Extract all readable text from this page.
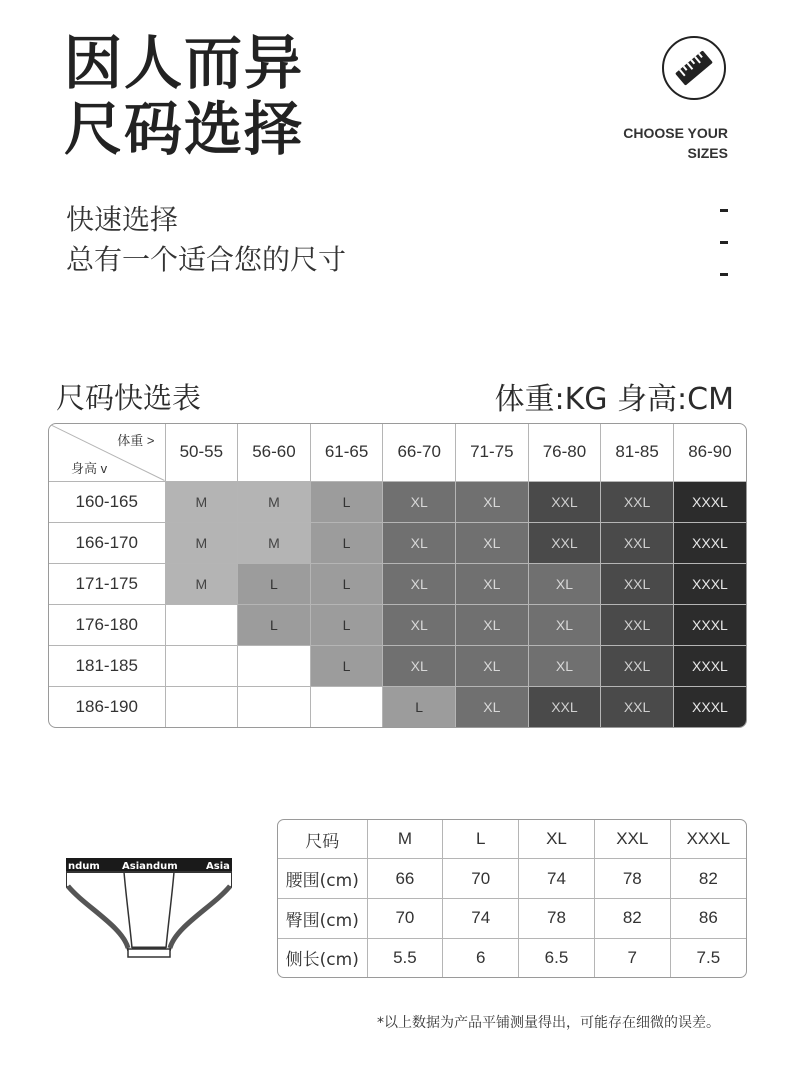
因人而异
尺码选择	CHOOSE YOUR
SIZES
快速选择
总有一个适合您的尺寸
尺码快选表	体重:KG 身高:CM
体重 >
身高 v	50-55	56-60	61-65	66-70	71-75	76-80	81-85	86-90
160-165	M	M	L	XL	XL	XXL	XXL	XXXL
166-170	M	M	L	XL	XL	XXL	XXL	XXXL
171-175	M	L	L	XL	XL	XL	XXL	XXXL
176-180		L	L	XL	XL	XL	XXL	XXXL
181-185			L	XL	XL	XL	XXL	XXXL
186-190				L	XL	XXL	XXL	XXXL
ndum Asiandum	Asia
尺码	M	L	XL	XXL	XXXL
腰围(cm)	66	70	74	78	82
臀围(cm)	70	74	78	82	86
侧长(cm)	5.5	6	6.5	7	7.5
*以上数据为产品平铺测量得出，可能存在细微的误差。
